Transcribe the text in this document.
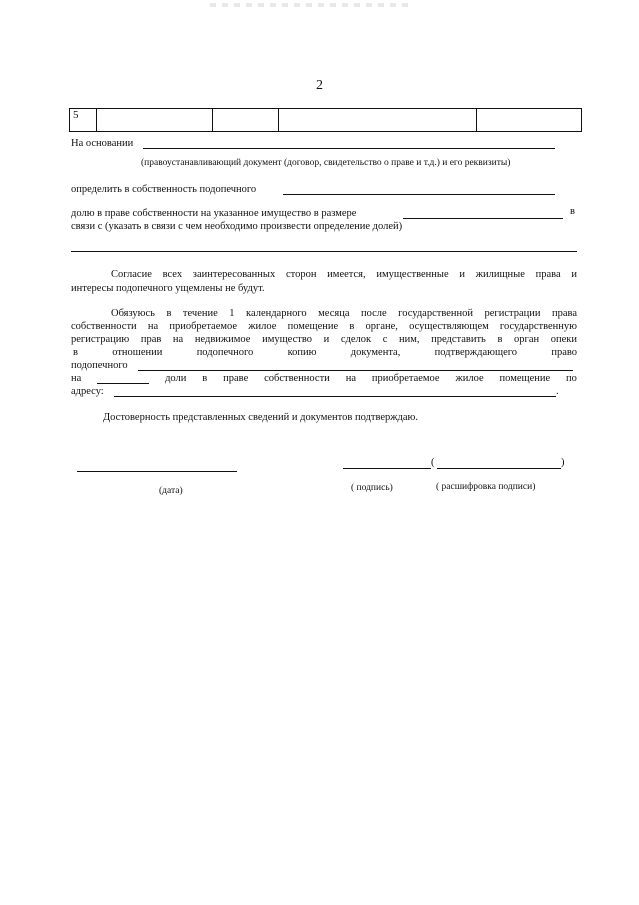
2
5				
На основании
(правоустанавливающий документ (договор, свидетельство о праве и т.д.) и его реквизиты)
определить в собственность подопечного
долю в праве собственности на указанное имущество в размере	в
связи с (указать в связи с чем необходимо произвести определение долей)
Согласие всех заинтересованных сторон имеется, имущественные и жилищные права и
интересы подопечного ущемлены не будут.
Обязуюсь в течение 1 календарного месяца после государственной регистрации права
собственности на приобретаемое жилое помещение в органе, осуществляющем государственную
регистрацию прав на недвижимое имущество и сделок с ним, представить в орган опеки
в	отношении	подопечного	копию	документа,	подтверждающего	право
подопечного
на	доли в праве собственности на приобретаемое жилое помещение по
адресу:	.
Достоверность представленных сведений и документов подтверждаю.
(дата)
(	)
( подпись)	( расшифровка подписи)
